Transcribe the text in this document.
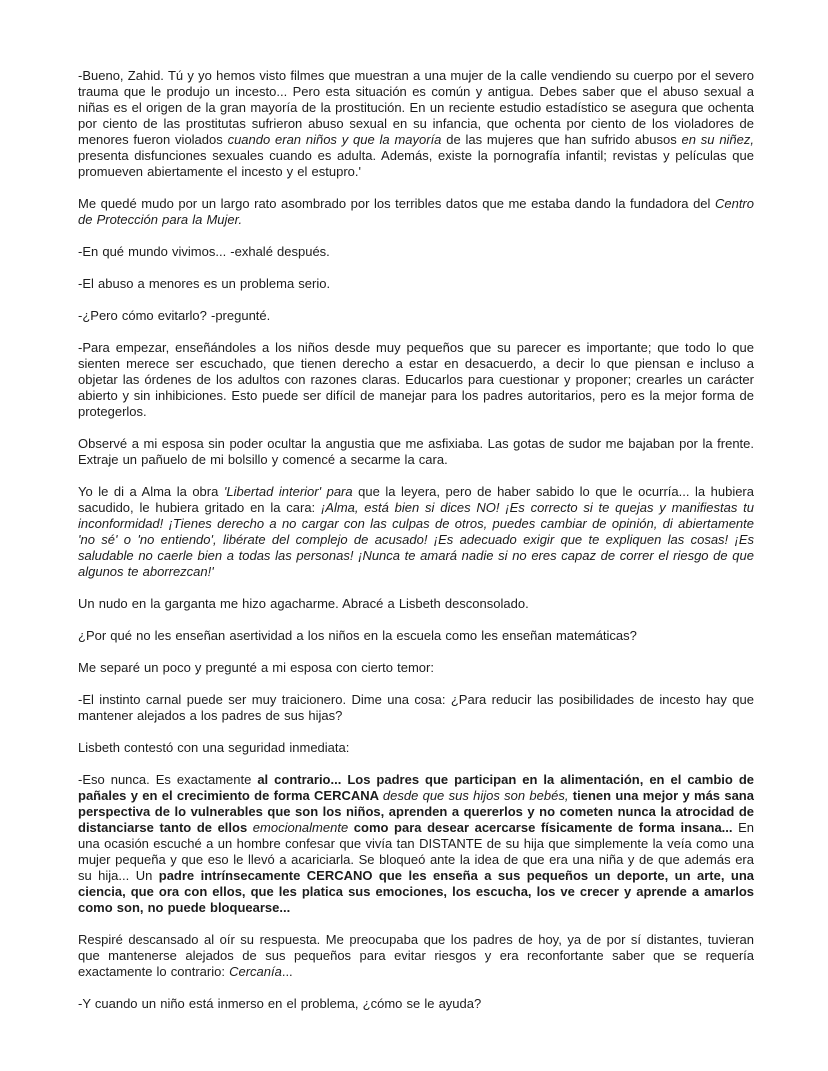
-Bueno, Zahid. Tú y yo hemos visto filmes que muestran a una mujer de la calle vendiendo su cuerpo por el severo trauma que le produjo un incesto... Pero esta situación es común y antigua. Debes saber que el abuso sexual a niñas es el origen de la gran mayoría de la prostitución. En un reciente estudio estadístico se asegura que ochenta por ciento de las prostitutas sufrieron abuso sexual en su infancia, que ochenta por ciento de los violadores de menores fueron violados cuando eran niños y que la mayoría de las mujeres que han sufrido abusos en su niñez, presenta disfunciones sexuales cuando es adulta. Además, existe la pornografía infantil; revistas y películas que promueven abiertamente el incesto y el estupro.'

Me quedé mudo por un largo rato asombrado por los terribles datos que me estaba dando la fundadora del Centro de Protección para la Mujer.

-En qué mundo vivimos... -exhalé después.

-El abuso a menores es un problema serio.

-¿Pero cómo evitarlo? -pregunté.

-Para empezar, enseñándoles a los niños desde muy pequeños que su parecer es importante; que todo lo que sienten merece ser escuchado, que tienen derecho a estar en desacuerdo, a decir lo que piensan e incluso a objetar las órdenes de los adultos con razones claras. Educarlos para cuestionar y proponer; crearles un carácter abierto y sin inhibiciones. Esto puede ser difícil de manejar para los padres autoritarios, pero es la mejor forma de protegerlos.

Observé a mi esposa sin poder ocultar la angustia que me asfixiaba. Las gotas de sudor me bajaban por la frente. Extraje un pañuelo de mi bolsillo y comencé a secarme la cara.

Yo le di a Alma la obra 'Libertad interior' para que la leyera, pero de haber sabido lo que le ocurría... la hubiera sacudido, le hubiera gritado en la cara: ¡Alma, está bien si dices NO! ¡Es correcto si te quejas y manifiestas tu inconformidad! ¡Tienes derecho a no cargar con las culpas de otros, puedes cambiar de opinión, di abiertamente 'no sé' o 'no entiendo', libérate del complejo de acusado! ¡Es adecuado exigir que te expliquen las cosas! ¡Es saludable no caerle bien a todas las personas! ¡Nunca te amará nadie si no eres capaz de correr el riesgo de que algunos te aborrezcan!'

Un nudo en la garganta me hizo agacharme. Abracé a Lisbeth desconsolado.

¿Por qué no les enseñan asertividad a los niños en la escuela como les enseñan matemáticas?

Me separé un poco y pregunté a mi esposa con cierto temor:

-El instinto carnal puede ser muy traicionero. Dime una cosa: ¿Para reducir las posibilidades de incesto hay que mantener alejados a los padres de sus hijas?

Lisbeth contestó con una seguridad inmediata:

-Eso nunca. Es exactamente al contrario... Los padres que participan en la alimentación, en el cambio de pañales y en el crecimiento de forma CERCANA desde que sus hijos son bebés, tienen una mejor y más sana perspectiva de lo vulnerables que son los niños, aprenden a quererlos y no cometen nunca la atrocidad de distanciarse tanto de ellos emocionalmente como para desear acercarse físicamente de forma insana... En una ocasión escuché a un hombre confesar que vivía tan DISTANTE de su hija que simplemente la veía como una mujer pequeña y que eso le llevó a acariciarla. Se bloqueó ante la idea de que era una niña y de que además era su hija... Un padre intrínsecamente CERCANO que les enseña a sus pequeños un deporte, un arte, una ciencia, que ora con ellos, que les platica sus emociones, los escucha, los ve crecer y aprende a amarlos como son, no puede bloquearse...

Respiré descansado al oír su respuesta. Me preocupaba que los padres de hoy, ya de por sí distantes, tuvieran que mantenerse alejados de sus pequeños para evitar riesgos y era reconfortante saber que se requería exactamente lo contrario: Cercanía...

-Y cuando un niño está inmerso en el problema, ¿cómo se le ayuda?
